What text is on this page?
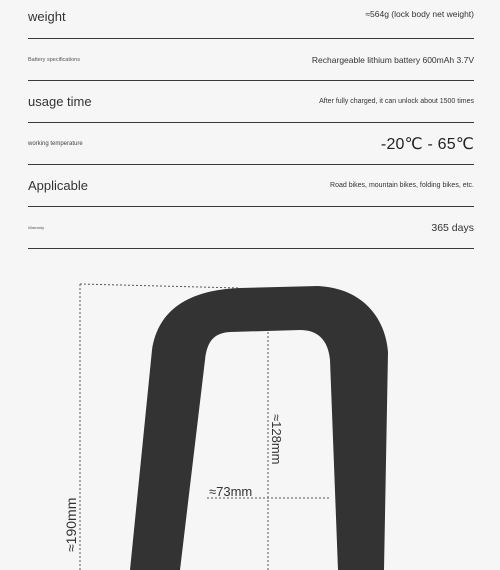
weight	≈564g (lock body net weight)
Battery specifications	Rechargeable lithium battery 600mAh 3.7V
usage time	After fully charged, it can unlock about 1500 times
working temperature	-20℃ - 65℃
Applicable	Road bikes, mountain bikes, folding bikes, etc.
Warranty	365 days
≈190mm
≈128mm
≈73mm
